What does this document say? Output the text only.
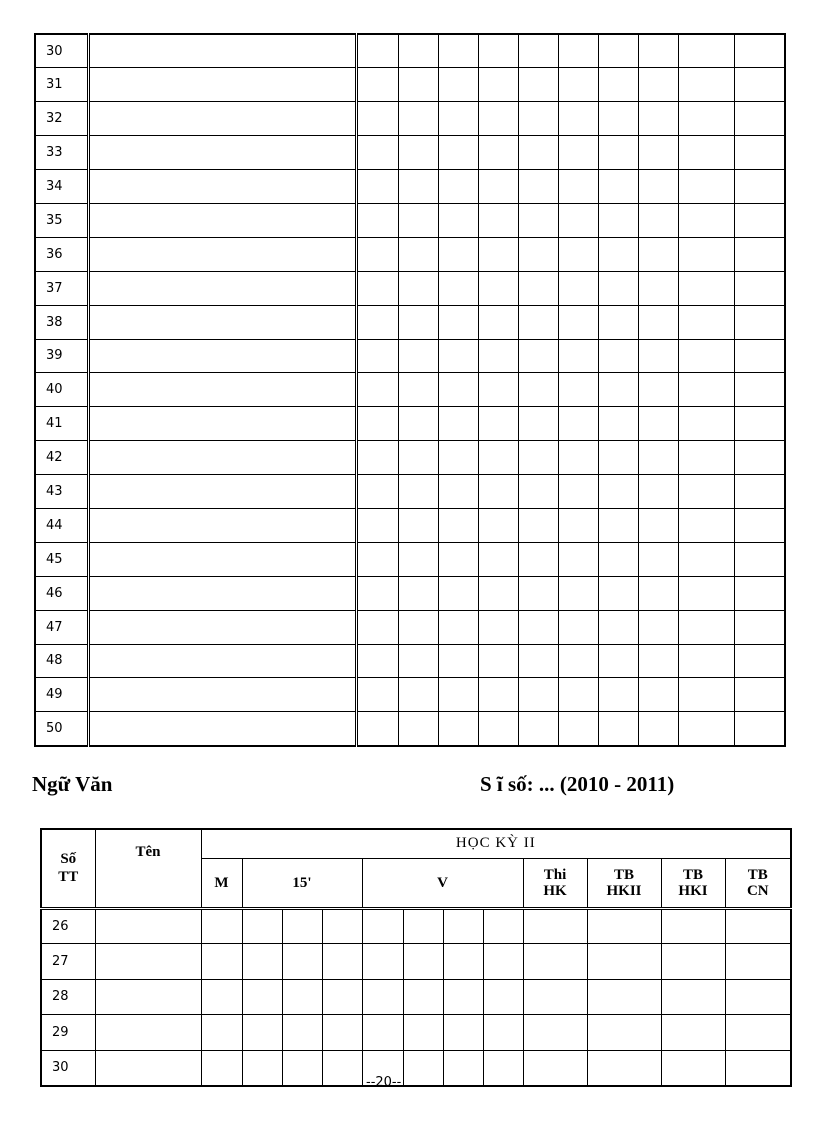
30											
31											
32											
33											
34											
35											
36											
37											
38											
39											
40											
41											
42											
43											
44											
45											
46											
47											
48											
49											
50											
Ngữ Văn	S ĩ số: ... (2010 - 2011)
Số TT	Tên	HỌC KỲ II											
		M	15'			V				Thi HK	TB HKII	TB HKI	TB CN
26													
27													
28													
29													
30													
--20--
